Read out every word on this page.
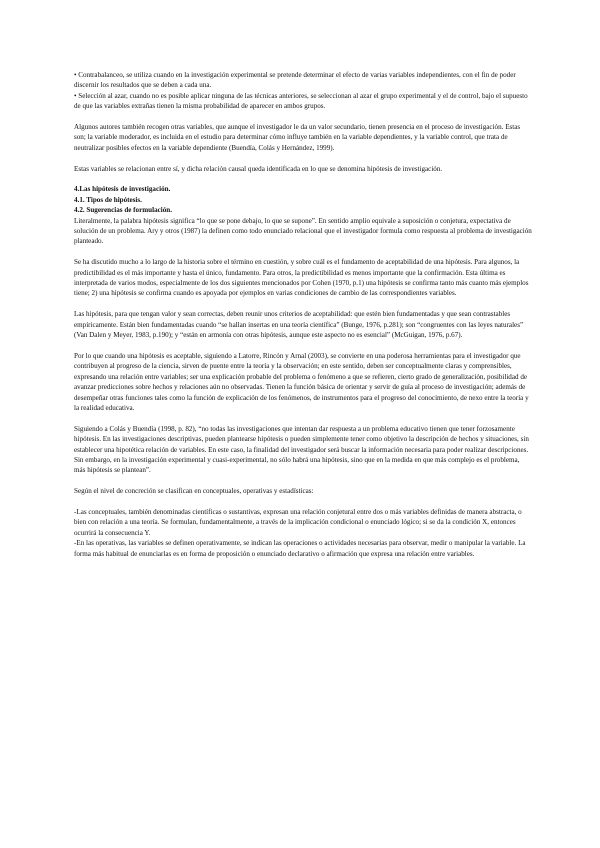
• Contrabalanceo, se utiliza cuando en la investigación experimental se pretende determinar el efecto de varias variables independientes, con el fin de poder discernir los resultados que se deben a cada una.

• Selección al azar, cuando no es posible aplicar ninguna de las técnicas anteriores, se seleccionan al azar el grupo experimental y el de control, bajo el supuesto de que las variables extrañas tienen la misma probabilidad de aparecer en ambos grupos.

Algunos autores también recogen otras variables, que aunque el investigador le da un valor secundario, tienen presencia en el proceso de investigación. Estas son; la variable moderador, es incluida en el estudio para determinar cómo influye también en la variable dependientes, y la variable control, que trata de neutralizar posibles efectos en la variable dependiente (Buendía, Colás y Hernández, 1999).

Estas variables se relacionan entre sí, y dicha relación causal queda identificada en lo que se denomina hipótesis de investigación.

4.Las hipótesis de investigación.

4.1. Tipos de hipótesis.

4.2. Sugerencias de formulación.

Literalmente, la palabra hipótesis significa “lo que se pone debajo, lo que se supone”. En sentido amplio equivale a suposición o conjetura, expectativa de solución de un problema. Ary y otros (1987) la definen como todo enunciado relacional que el investigador formula como respuesta al problema de investigación planteado.

Se ha discutido mucho a lo largo de la historia sobre el término en cuestión, y sobre cuál es el fundamento de aceptabilidad de una hipótesis. Para algunos, la predictibilidad es el más importante y hasta el único, fundamento. Para otros, la predictibilidad es menos importante que la confirmación. Esta última es interpretada de varios modos, especialmente de los dos siguientes mencionados por Cohen (1970, p.1) una hipótesis se confirma tanto más cuanto más ejemplos tiene; 2) una hipótesis se confirma cuando es apoyada por ejemplos en varias condiciones de cambio de las correspondientes variables.

Las hipótesis, para que tengan valor y sean correctas, deben reunir unos criterios de aceptabilidad: que estén bien fundamentadas y que sean contrastables empíricamente. Están bien fundamentadas cuando “se hallan insertas en una teoría científica” (Bunge, 1976, p.281); son “congruentes con las leyes naturales” (Van Dalen y Meyer, 1983, p.190); y “están en armonía con otras hipótesis, aunque este aspecto no es esencial” (McGuigan, 1976, p.67).

Por lo que cuando una hipótesis es aceptable, siguiendo a Latorre, Rincón y Arnal (2003), se convierte en una poderosa herramientas para el investigador que contribuyen al progreso de la ciencia, sirven de puente entre la teoría y la observación; en este sentido, deben ser conceptualmente claras y comprensibles, expresando una relación entre variables; ser una explicación probable del problema o fenómeno a que se refieren, cierto grado de generalización, posibilidad de avanzar predicciones sobre hechos y relaciones aún no observadas. Tienen la función básica de orientar y servir de guía al proceso de investigación; además de desempeñar otras funciones tales como la función de explicación de los fenómenos, de instrumentos para el progreso del conocimiento, de nexo entre la teoría y la realidad educativa.

Siguiendo a Colás y Buendía (1998, p. 82), “no todas las investigaciones que intentan dar respuesta a un problema educativo tienen que tener forzosamente hipótesis. En las investigaciones descriptivas, pueden plantearse hipótesis o pueden simplemente tener como objetivo la descripción de hechos y situaciones, sin establecer una hipotética relación de variables. En este caso, la finalidad del investigador será buscar la información necesaria para poder realizar descripciones. Sin embargo, en la investigación experimental y cuasi-experimental, no sólo habrá una hipótesis, sino que en la medida en que más complejo es el problema, más hipótesis se plantean”.

Según el nivel de concreción se clasifican en conceptuales, operativas y estadísticas:

-Las conceptuales, también denominadas científicas o sustantivas, expresan una relación conjetural entre dos o más variables definidas de manera abstracta, o bien con relación a una teoría. Se formulan, fundamentalmente, a través de la implicación condicional o enunciado lógico; si se da la condición X, entonces ocurrirá la consecuencia Y.

-En las operativas, las variables se definen operativamente, se indican las operaciones o actividades necesarias para observar, medir o manipular la variable. La forma más habitual de enunciarlas es en forma de proposición o enunciado declarativo o afirmación que expresa una relación entre variables.
